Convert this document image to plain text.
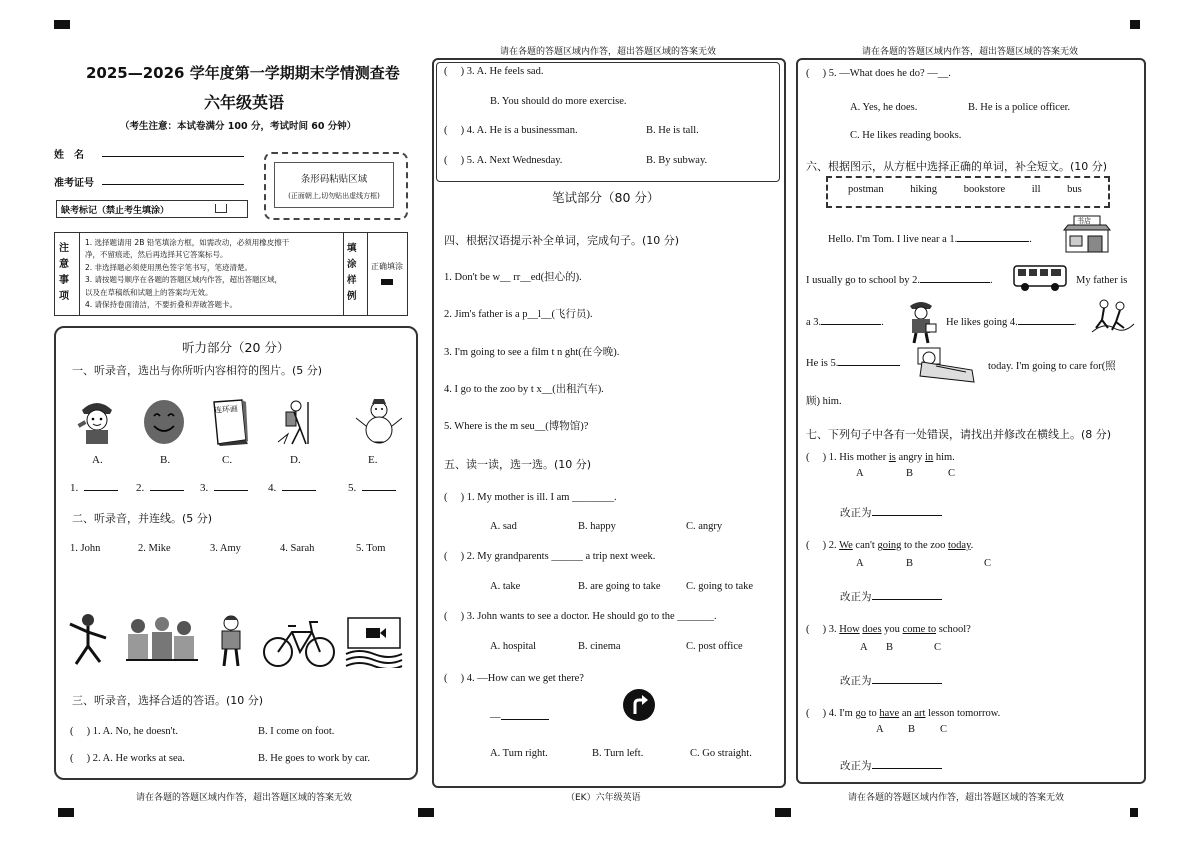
请在各题的答题区域内作答，超出答题区域的答案无效	请在各题的答题区域内作答，超出答题区域的答案无效
请在各题的答题区域内作答，超出答题区域的答案无效	（EK）六年级英语	请在各题的答题区域内作答，超出答题区域的答案无效
2025—2026 学年度第一学期期末学情测查卷
六年级英语
（考生注意：本试卷满分 100 分，考试时间 60 分钟）
姓　名
准考证号
缺考标记（禁止考生填涂）
条形码粘贴区域
(正面朝上,切勿贴出虚线方框)
注意事项
1. 选择题请用 2B 铅笔填涂方框，如需改动，必须用橡皮擦干
净，不留痕迹，然后再选择其它答案标号。
2. 非选择题必须使用黑色签字笔书写，笔迹清楚。
3. 请按题号顺序在各题的答题区域内作答，超出答题区域，
以及在草稿纸和试题上的答案均无效。
4. 请保持卷面清洁，不要折叠和弄破答题卡。
填涂样例
正确填涂
听力部分（20 分）
一、听录音，选出与你所听内容相符的图片。(5 分)
A.	B.
连环画
C.	D.	E.
1.	2.	3.	4.	5.
二、听录音，并连线。(5 分)
1. John	2. Mike	3. Amy	4. Sarah	5. Tom
三、听录音，选择合适的答语。(10 分)
(     ) 1. A. No, he doesn't.	B. I come on foot.
(     ) 2. A. He works at sea.	B. He goes to work by car.
(     ) 3. A. He feels sad.
B. You should do more exercise.
(     ) 4. A. He is a businessman.	B. He is tall.
(     ) 5. A. Next Wednesday.	B. By subway.
笔试部分（80 分）
四、根据汉语提示补全单词，完成句子。(10 分)
1. Don't be w__ rr__ed(担心的).
2. Jim's father is a p__l__(飞行员).
3. I'm going to see a film t n ght(在今晚).
4. I go to the zoo by t x__(出租汽车).
5. Where is the m seu__(博物馆)?
五、读一读，选一选。(10 分)
(     ) 1. My mother is ill. I am ________.
A. sad	B. happy	C. angry
(     ) 2. My grandparents ______ a trip next week.
A. take	B. are going to take C. going to take
(     ) 3. John wants to see a doctor. He should go to the _______.
A. hospital	B. cinema	C. post office
(     ) 4. —How can we get there?
—
A. Turn right.	B. Turn left.	C. Go straight.
(     ) 5. —What does he do? —__.
A. Yes, he does.	B. He is a police officer.
C. He likes reading books.
六、根据图示，从方框中选择正确的单词，补全短文。(10 分)
postman	hiking	bookstore	ill	bus
Hello. I'm Tom. I live near a 1.	.
书店
I usually go to school by 2.	.	My father is
a 3.	.	He likes going 4.	.
He is 5.	today. I'm going to care for(照
顾) him.
七、下列句子中各有一处错误，请找出并修改在横线上。(8 分)
(     ) 1. His mother is angry in him.
A	B	C
改正为
(     ) 2. We can't going to the zoo today.
A	B	C
改正为
(     ) 3. How does you come to school?
A B	C
改正为
(     ) 4. I'm go to have an art lesson tomorrow.
A B C
改正为
